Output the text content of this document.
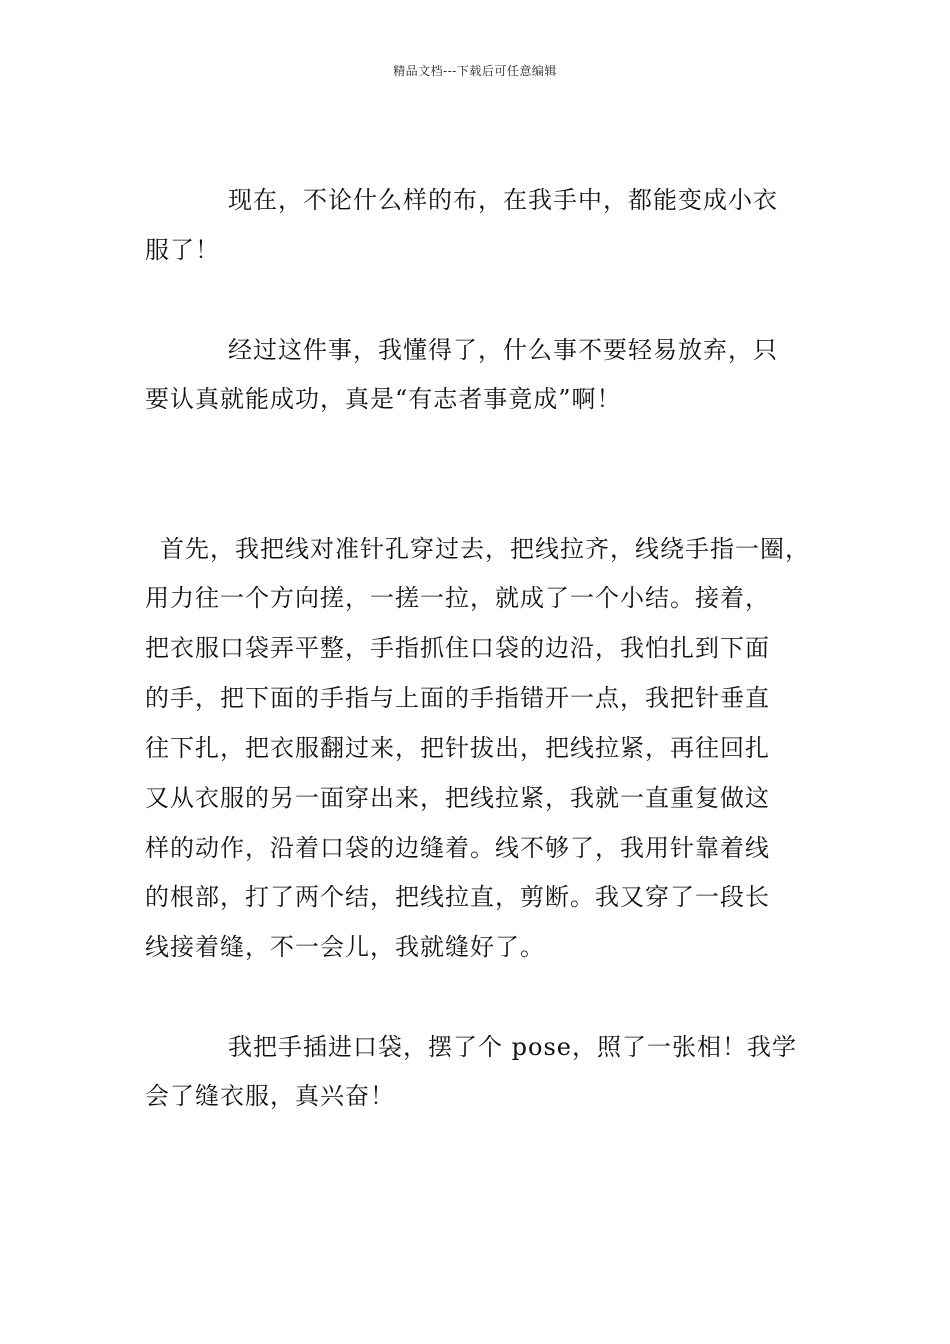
精品文档---下载后可任意编辑
现在，不论什么样的布，在我手中，都能变成小衣
服了！
经过这件事，我懂得了，什么事不要轻易放弃，只
要认真就能成功，真是“有志者事竟成”啊！
首先，我把线对准针孔穿过去，把线拉齐，线绕手指一圈，
用力往一个方向搓，一搓一拉，就成了一个小结。接着，
把衣服口袋弄平整，手指抓住口袋的边沿，我怕扎到下面
的手，把下面的手指与上面的手指错开一点，我把针垂直
往下扎，把衣服翻过来，把针拔出，把线拉紧，再往回扎
又从衣服的另一面穿出来，把线拉紧，我就一直重复做这
样的动作，沿着口袋的边缝着。线不够了，我用针靠着线
的根部，打了两个结，把线拉直，剪断。我又穿了一段长
线接着缝，不一会儿，我就缝好了。
我把手插进口袋，摆了个 pose，照了一张相！我学
会了缝衣服，真兴奋！
